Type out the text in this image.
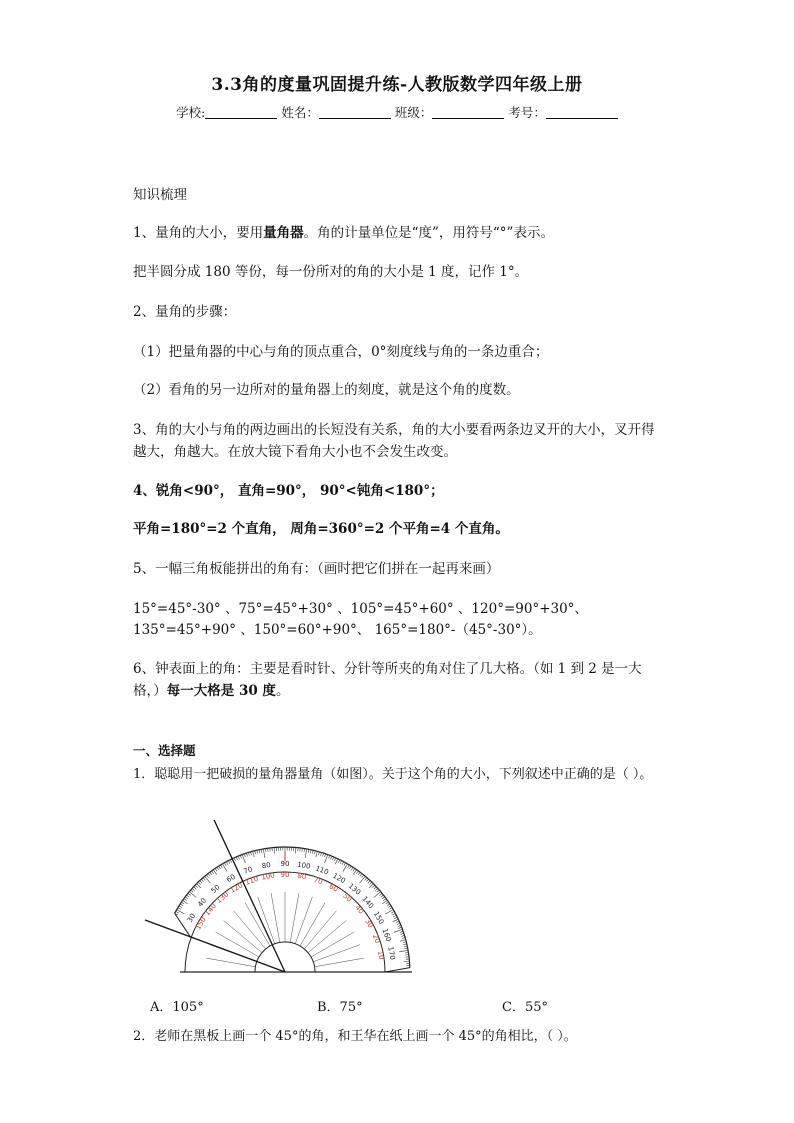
3.3角的度量巩固提升练-人教版数学四年级上册
学校:	姓名：	班级：	考号：
知识梳理
1、量角的大小，要用量角器。角的计量单位是“度”，用符号“°”表示。
把半圆分成 180 等份，每一份所对的角的大小是 1 度，记作 1°。
2、量角的步骤：
（1）把量角器的中心与角的顶点重合，0°刻度线与角的一条边重合；
（2）看角的另一边所对的量角器上的刻度，就是这个角的度数。
3、角的大小与角的两边画出的长短没有关系，角的大小要看两条边叉开的大小，叉开得越大，角越大。在放大镜下看角大小也不会发生改变。
4、锐角<90°， 直角=90°， 90°<钝角<180°；
平角=180°=2 个直角， 周角=360°=2 个平角=4 个直角。
5、一幅三角板能拼出的角有：（画时把它们拼在一起再来画）
15°=45°-30° 、75°=45°+30° 、105°=45°+60° 、120°=90°+30°、
135°=45°+90° 、150°=60°+90°、 165°=180°-（45°-30°）。
6、钟表面上的角：主要是看时针、分针等所夹的角对住了几大格。（如 1 到 2 是一大格，）每一大格是 30 度。
一、选择题
1．聪聪用一把破损的量角器量角（如图）。关于这个角的大小，下列叙述中正确的是（ ）。
30
150
40
140
50
130
60
120
70
110
80
100
90
90
100
80 110
70 120
60 130
50 140
40
150
30
160
20
170
10
A．105°	B．75°	C．55°
2．老师在黑板上画一个 45°的角，和王华在纸上画一个 45°的角相比，（ ）。
